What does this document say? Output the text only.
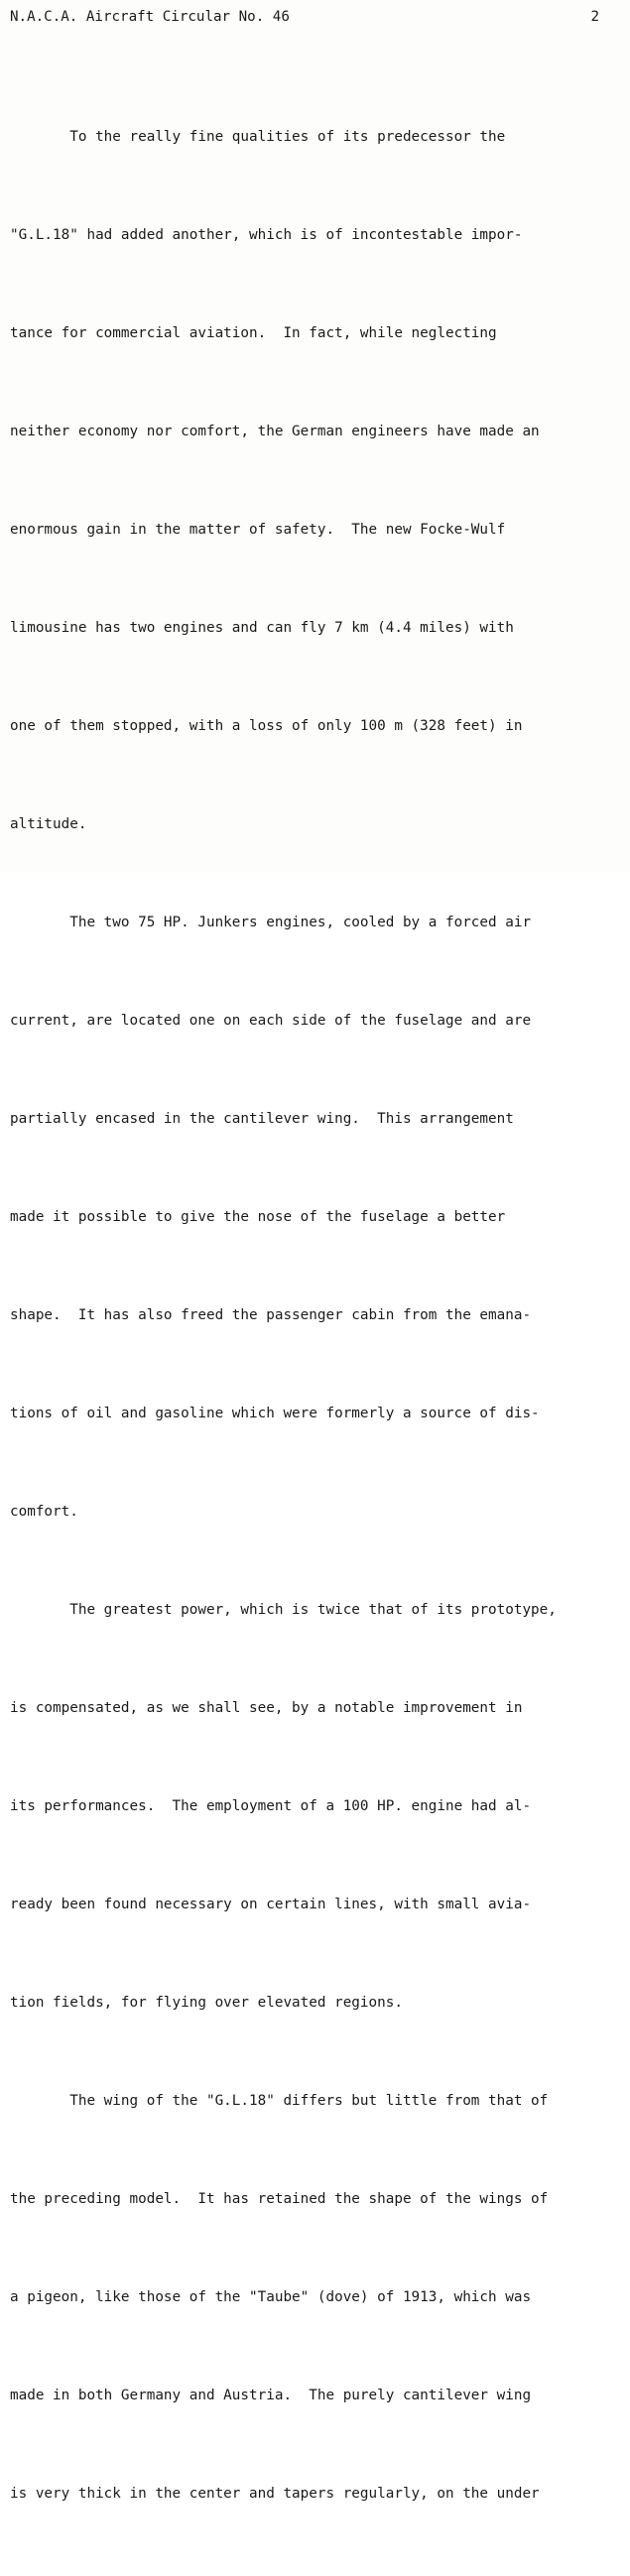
N.A.C.A. Aircraft Circular No. 46

	2

To the really fine qualities of its predecessor the

"G.L.18" had added another, which is of incontestable impor-

tance for commercial aviation.  In fact, while neglecting

neither economy nor comfort, the German engineers have made an

enormous gain in the matter of safety.  The new Focke-Wulf

limousine has two engines and can fly 7 km (4.4 miles) with

one of them stopped, with a loss of only 100 m (328 feet) in

altitude.

The two 75 HP. Junkers engines, cooled by a forced air

current, are located one on each side of the fuselage and are

partially encased in the cantilever wing.  This arrangement

made it possible to give the nose of the fuselage a better

shape.  It has also freed the passenger cabin from the emana-

tions of oil and gasoline which were formerly a source of dis-

comfort.

The greatest power, which is twice that of its prototype,

is compensated, as we shall see, by a notable improvement in

its performances.  The employment of a 100 HP. engine had al-

ready been found necessary on certain lines, with small avia-

tion fields, for flying over elevated regions.

The wing of the "G.L.18" differs but little from that of

the preceding model.  It has retained the shape of the wings of

a pigeon, like those of the "Taube" (dove) of 1913, which was

made in both Germany and Austria.  The purely cantilever wing

is very thick in the center and tapers regularly, on the under
